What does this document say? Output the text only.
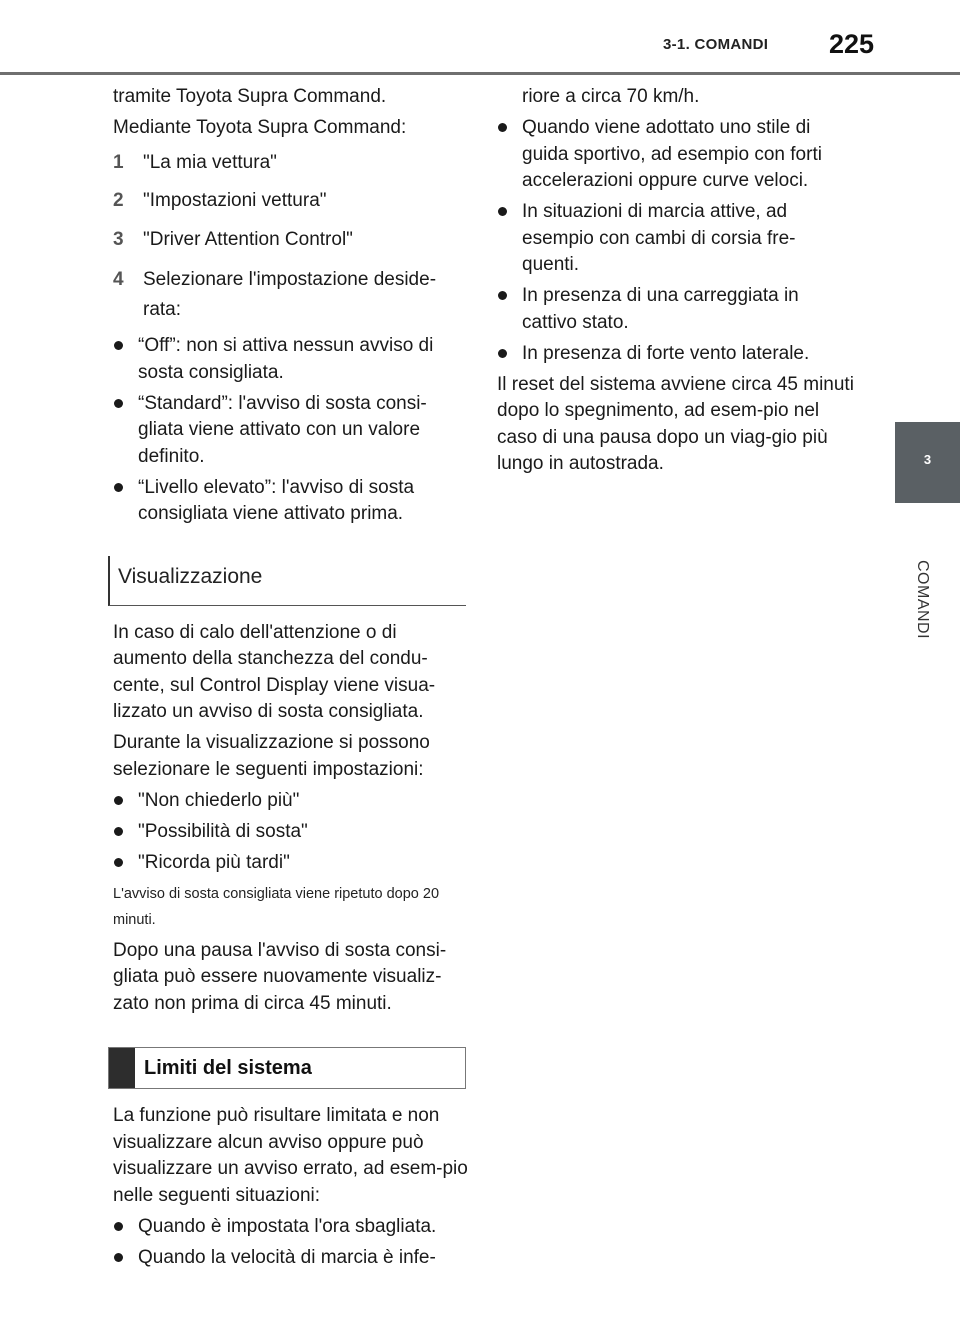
3-1. COMANDI 225
3
COMANDI
tramite Toyota Supra Command.
Mediante Toyota Supra Command:
1	"La mia vettura"
2	"Impostazioni vettura"
3	"Driver Attention Control"
4	Selezionare l'impostazione deside-rata:
“Off”: non si attiva nessun avviso di sosta consigliata.
“Standard”: l'avviso di sosta consi-gliata viene attivato con un valore definito.
“Livello elevato”: l'avviso di sosta consigliata viene attivato prima.
Visualizzazione
In caso di calo dell'attenzione o di aumento della stanchezza del condu-cente, sul Control Display viene visua-lizzato un avviso di sosta consigliata.
Durante la visualizzazione si possono selezionare le seguenti impostazioni:
"Non chiederlo più"
"Possibilità di sosta"
"Ricorda più tardi"
L'avviso di sosta consigliata viene ripetuto dopo 20 minuti.
Dopo una pausa l'avviso di sosta consi-gliata può essere nuovamente visualiz-zato non prima di circa 45 minuti.
Limiti del sistema
La funzione può risultare limitata e non visualizzare alcun avviso oppure può visualizzare un avviso errato, ad esem-pio nelle seguenti situazioni:
Quando è impostata l'ora sbagliata.
Quando la velocità di marcia è infe-
riore a circa 70 km/h.
Quando viene adottato uno stile di guida sportivo, ad esempio con forti accelerazioni oppure curve veloci.
In situazioni di marcia attive, ad esempio con cambi di corsia fre-quenti.
In presenza di una carreggiata in cattivo stato.
In presenza di forte vento laterale.
Il reset del sistema avviene circa 45 minuti dopo lo spegnimento, ad esem-pio nel caso di una pausa dopo un viag-gio più lungo in autostrada.
